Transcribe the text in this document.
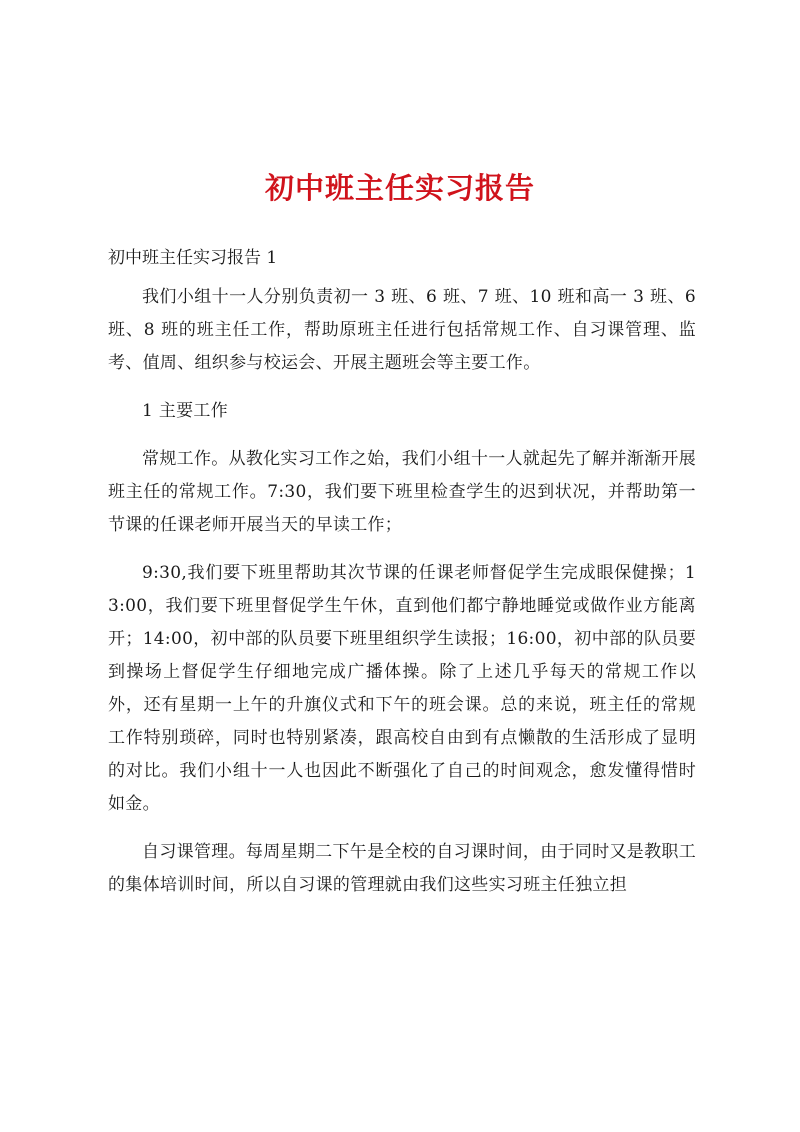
初中班主任实习报告
初中班主任实习报告 1

我们小组十一人分别负责初一 3 班、6 班、7 班、10 班和高一 3 班、6 班、8 班的班主任工作，帮助原班主任进行包括常规工作、自习课管理、监考、值周、组织参与校运会、开展主题班会等主要工作。

1 主要工作

常规工作。从教化实习工作之始，我们小组十一人就起先了解并渐渐开展班主任的常规工作。7:30，我们要下班里检查学生的迟到状况，并帮助第一节课的任课老师开展当天的早读工作；

9:30,我们要下班里帮助其次节课的任课老师督促学生完成眼保健操；13:00，我们要下班里督促学生午休，直到他们都宁静地睡觉或做作业方能离开；14:00，初中部的队员要下班里组织学生读报；16:00，初中部的队员要到操场上督促学生仔细地完成广播体操。除了上述几乎每天的常规工作以外，还有星期一上午的升旗仪式和下午的班会课。总的来说，班主任的常规工作特别琐碎，同时也特别紧凑，跟高校自由到有点懒散的生活形成了显明的对比。我们小组十一人也因此不断强化了自己的时间观念，愈发懂得惜时如金。

自习课管理。每周星期二下午是全校的自习课时间，由于同时又是教职工的集体培训时间，所以自习课的管理就由我们这些实习班主任独立担
